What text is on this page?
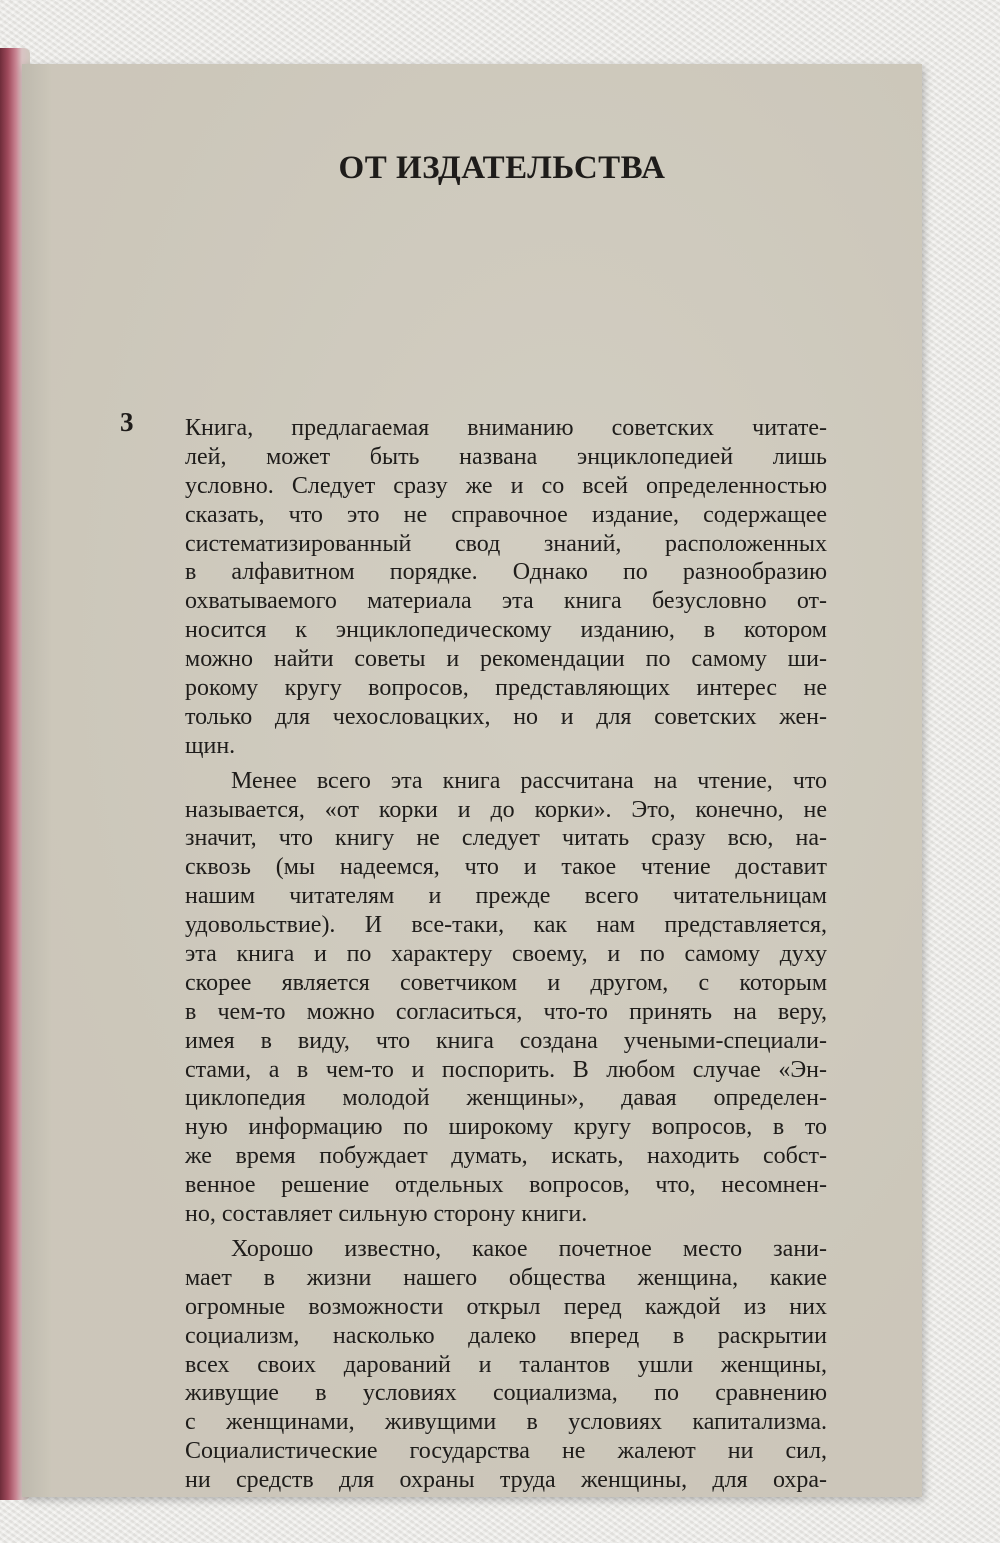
ОТ ИЗДАТЕЛЬСТВА
3 Книга, предлагаемая вниманию советских читате-
лей, может быть названа энциклопедией лишь
условно. Следует сразу же и со всей определенностью
сказать, что это не справочное издание, содержащее
систематизированный свод знаний, расположенных
в алфавитном порядке. Однако по разнообразию
охватываемого материала эта книга безусловно от-
носится к энциклопедическому изданию, в котором
можно найти советы и рекомендации по самому ши-
рокому кругу вопросов, представляющих интерес не
только для чехословацких, но и для советских жен-
щин.
Менее всего эта книга рассчитана на чтение, что
называется, «от корки и до корки». Это, конечно, не
значит, что книгу не следует читать сразу всю, на-
сквозь (мы надеемся, что и такое чтение доставит
нашим читателям и прежде всего читательницам
удовольствие). И все-таки, как нам представляется,
эта книга и по характеру своему, и по самому духу
скорее является советчиком и другом, с которым
в чем-то можно согласиться, что-то принять на веру,
имея в виду, что книга создана учеными-специали-
стами, а в чем-то и поспорить. В любом случае «Эн-
циклопедия молодой женщины», давая определен-
ную информацию по широкому кругу вопросов, в то
же время побуждает думать, искать, находить собст-
венное решение отдельных вопросов, что, несомнен-
но, составляет сильную сторону книги.
Хорошо известно, какое почетное место зани-
мает в жизни нашего общества женщина, какие
огромные возможности открыл перед каждой из них
социализм, насколько далеко вперед в раскрытии
всех своих дарований и талантов ушли женщины,
живущие в условиях социализма, по сравнению
с женщинами, живущими в условиях капитализма.
Социалистические государства не жалеют ни сил,
ни средств для охраны труда женщины, для охра-
